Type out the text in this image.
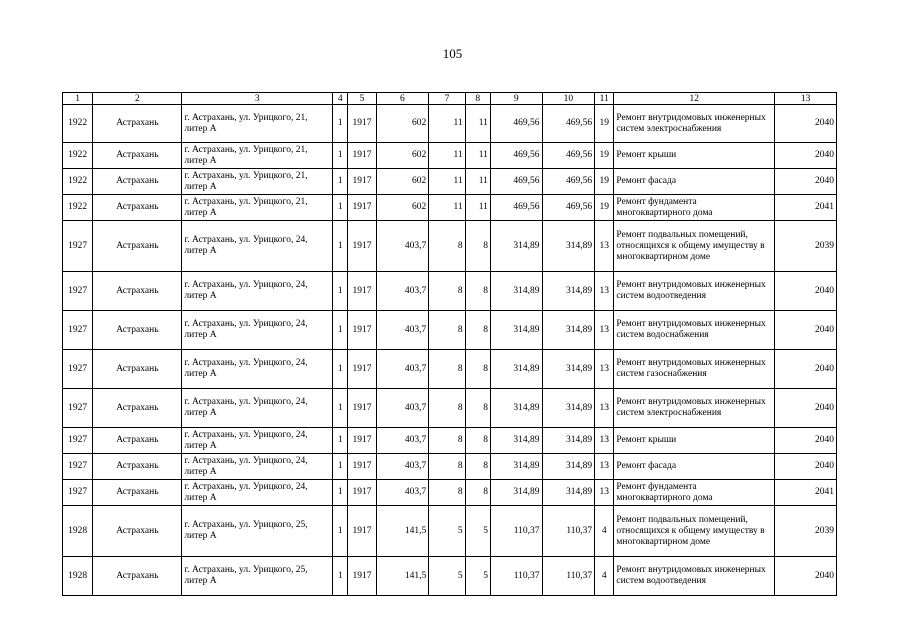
105
1	2	3	4	5	6	7	8	9	10	11	12	13
1922	Астрахань	г. Астрахань, ул. Урицкого, 21, литер А	1	1917	602	11	11	469,56	469,56	19	Ремонт внутридомовых инженерных систем электроснабжения	2040
1922	Астрахань	г. Астрахань, ул. Урицкого, 21, литер А	1	1917	602	11	11	469,56	469,56	19	Ремонт крыши	2040
1922	Астрахань	г. Астрахань, ул. Урицкого, 21, литер А	1	1917	602	11	11	469,56	469,56	19	Ремонт фасада	2040
1922	Астрахань	г. Астрахань, ул. Урицкого, 21, литер А	1	1917	602	11	11	469,56	469,56	19	Ремонт фундамента многоквартирного дома	2041
1927	Астрахань	г. Астрахань, ул. Урицкого, 24, литер А	1	1917	403,7	8	8	314,89	314,89	13	Ремонт подвальных помещений, относящихся к общему имуществу в многоквартирном доме	2039
1927	Астрахань	г. Астрахань, ул. Урицкого, 24, литер А	1	1917	403,7	8	8	314,89	314,89	13	Ремонт внутридомовых инженерных систем водоотведения	2040
1927	Астрахань	г. Астрахань, ул. Урицкого, 24, литер А	1	1917	403,7	8	8	314,89	314,89	13	Ремонт внутридомовых инженерных систем водоснабжения	2040
1927	Астрахань	г. Астрахань, ул. Урицкого, 24, литер А	1	1917	403,7	8	8	314,89	314,89	13	Ремонт внутридомовых инженерных систем газоснабжения	2040
1927	Астрахань	г. Астрахань, ул. Урицкого, 24, литер А	1	1917	403,7	8	8	314,89	314,89	13	Ремонт внутридомовых инженерных систем электроснабжения	2040
1927	Астрахань	г. Астрахань, ул. Урицкого, 24, литер А	1	1917	403,7	8	8	314,89	314,89	13	Ремонт крыши	2040
1927	Астрахань	г. Астрахань, ул. Урицкого, 24, литер А	1	1917	403,7	8	8	314,89	314,89	13	Ремонт фасада	2040
1927	Астрахань	г. Астрахань, ул. Урицкого, 24, литер А	1	1917	403,7	8	8	314,89	314,89	13	Ремонт фундамента многоквартирного дома	2041
1928	Астрахань	г. Астрахань, ул. Урицкого, 25, литер А	1	1917	141,5	5	5	110,37	110,37	4	Ремонт подвальных помещений, относящихся к общему имуществу в многоквартирном доме	2039
1928	Астрахань	г. Астрахань, ул. Урицкого, 25, литер А	1	1917	141,5	5	5	110,37	110,37	4	Ремонт внутридомовых инженерных систем водоотведения	2040
